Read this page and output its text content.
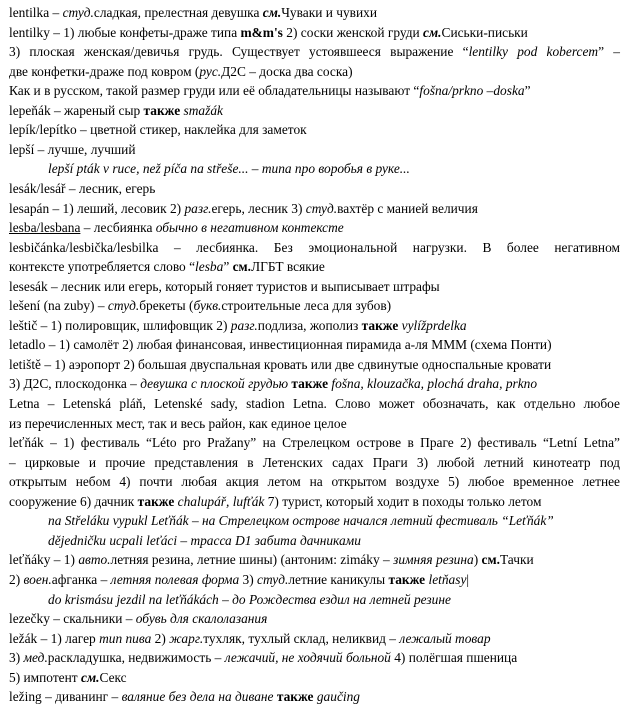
lentilka – студ.сладкая, прелестная девушка см.Чуваки и чувихи
lentilky – 1) любые конфеты-драже типа m&m's 2) соски женской груди см.Сиськи-письки
3) плоская женская/девичья грудь. Существует устоявшееся выражение “lentilky pod kobercem” –
две конфетки-драже под ковром (рус.Д2С – доска два соска)
Как и в русском, такой размер груди или её обладательницы называют “fošna/prkno –doska”
lepeňák – жареный сыр также smažák
lepík/lepítko – цветной стикер, наклейка для заметок
lepší – лучше, лучший
lepší pták v ruce, než píča na střeše... – типа про воробья в руке...
lesák/lesář – лесник, егерь
lesapán – 1) леший, лесовик 2) разг.егерь, лесник 3) студ.вахтёр с манией величия
lesba/lesbana – лесбиянка обычно в негативном контексте
lesbičánka/lesbička/lesbilka – лесбиянка. Без эмоциональной нагрузки. В более негативном
контексте употребляется слово “lesba” см.ЛГБТ всякие
lesesák – лесник или егерь, который гоняет туристов и выписывает штрафы
lešení (na zuby) – студ.брекеты (букв.строительные леса для зубов)
leštič – 1) полировщик, шлифовщик 2) разг.подлиза, жополиз также vylížprdelka
letadlo – 1) самолёт 2) любая финансовая, инвестиционная пирамида а-ля МММ (схема Понти)
letiště – 1) аэропорт 2) большая двуспальная кровать или две сдвинутые односпальные кровати
3) Д2С, плоскодонка – девушка с плоской грудью также fošna, klouzačka, plochá draha, prkno
Letna – Letenská pláň, Letenské sady, stadion Letna. Слово может обозначать, как отдельно любое
из перечисленных мест, так и весь район, как единое целое
leťňák – 1) фестиваль “Léto pro Pražany” на Стрелецком острове в Праге 2) фестиваль “Letní Letna”
– цирковые и прочие представления в Летенских садах Праги 3) любой летний кинотеатр под
открытым небом 4) почти любая акция летом на открытом воздухе 5) любое временное летнее
сооружение 6) дачник также chalupář, lufťák 7) турист, который ходит в походы только летом
na Střeláku vypukl Leťňák – на Стрелецком острове начался летний фестиваль “Leťňák”
dějedničku ucpali leťáci – трасса D1 забита дачниками
leťňáky – 1) авто.летняя резина, летние шины) (антоним: zimáky – зимняя резина) см.Тачки
2) воен.афганка – летняя полевая форма 3) студ.летние каникулы также letňasy|
do krismásu jezdil na leťňákách – до Рождества ездил на летней резине
lezečky – скальники – обувь для скалолазания
ležák – 1) лагер тип пива 2) жарг.тухляк, тухлый склад, неликвид – лежалый товар
3) мед.раскладушка, недвижимость – лежачий, не ходячий больной 4) полёгшая пшеница
5) импотент см.Секс
ležing – диванинг – валяние без дела на диване также gaučing
